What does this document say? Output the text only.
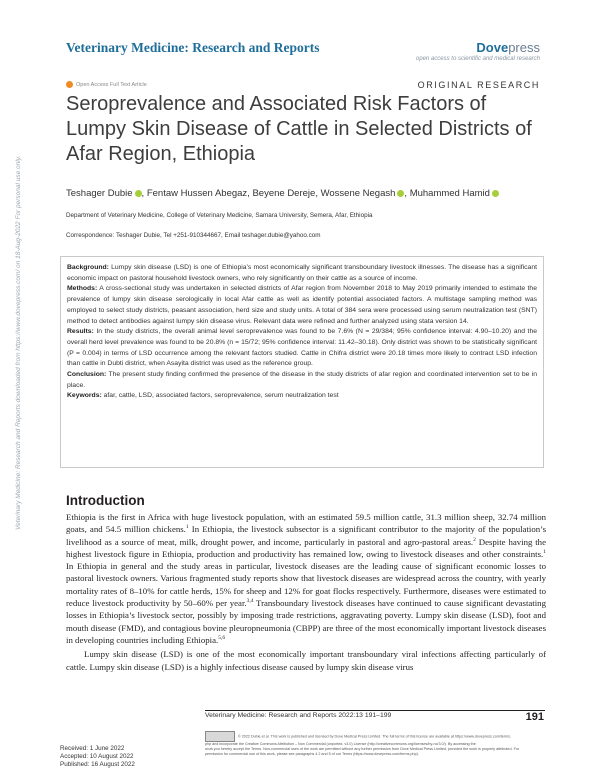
Veterinary Medicine: Research and Reports	Dovepress
open access to scientific and medical research
Open Access Full Text Article	ORIGINAL RESEARCH
Seroprevalence and Associated Risk Factors of Lumpy Skin Disease of Cattle in Selected Districts of Afar Region, Ethiopia
Teshager Dubie , Fentaw Hussen Abegaz, Beyene Dereje, Wossene Negash , Muhammed Hamid
Department of Veterinary Medicine, College of Veterinary Medicine, Samara University, Semera, Afar, Ethiopia
Correspondence: Teshager Dubie, Tel +251-910344667, Email teshager.dubie@yahoo.com

Background: Lumpy skin disease (LSD) is one of Ethiopia’s most economically significant transboundary livestock illnesses. The disease has a significant economic impact on pastoral household livestock owners, who rely significantly on their cattle as a source of income.

Methods: A cross-sectional study was undertaken in selected districts of Afar region from November 2018 to May 2019 primarily intended to estimate the prevalence of lumpy skin disease serologically in local Afar cattle as well as identify potential associated factors. A multistage sampling method was employed to select study districts, peasant association, herd size and study units. A total of 384 sera were processed using serum neutralization test (SNT) method to detect antibodies against lumpy skin disease virus. Relevant data were refined and further analyzed using stata version 14.

Results: In the study districts, the overall animal level seroprevalence was found to be 7.6% (N = 29/384; 95% confidence interval: 4.90–10.20) and the overall herd level prevalence was found to be 20.8% (n = 15/72; 95% confidence interval: 11.42–30.18). Only district was shown to be statistically significant (P = 0.004) in terms of LSD occurrence among the relevant factors studied. Cattle in Chifra district were 20.18 times more likely to contract LSD infection than cattle in Dubti district, when Asayita district was used as the reference group.

Conclusion: The present study finding confirmed the presence of the disease in the study districts of afar region and coordinated intervention set to be in place.

Keywords: afar, cattle, LSD, associated factors, seroprevalence, serum neutralization test

Introduction

Ethiopia is the first in Africa with huge livestock population, with an estimated 59.5 million cattle, 31.3 million sheep, 32.74 million goats, and 54.5 million chickens.$^1$ In Ethiopia, the livestock subsector is a significant contributor to the majority of the population’s livelihood as a source of meat, milk, drought power, and income, particularly in pastoral and agro-pastoral areas.$^2$ Despite having the highest livestock figure in Ethiopia, production and productivity has remained low, owing to livestock diseases and other constraints.$^1$ In Ethiopia in general and the study areas in particular, livestock diseases are the leading cause of significant economic losses to pastoral livestock owners. Various fragmented study reports show that livestock diseases are widespread across the country, with yearly mortality rates of 8–10% for cattle herds, 15% for sheep and 12% for goat flocks respectively. Furthermore, diseases were estimated to reduce livestock productivity by 50–60% per year.$^{3,4}$ Transboundary livestock diseases have continued to cause significant devastating losses in Ethiopia’s livestock sector, possibly by imposing trade restrictions, aggravating poverty. Lumpy skin disease (LSD), foot and mouth disease (FMD), and contagious bovine pleuropneumonia (CBPP) are three of the most economically important livestock diseases in developing countries including Ethiopia.$^{5,6}$

Lumpy skin disease (LSD) is one of the most economically important transboundary viral infections affecting particularly of cattle. Lumpy skin disease (LSD) is a highly infectious disease caused by lumpy skin disease virus

Veterinary Medicine: Research and Reports downloaded from https://www.dovepress.com/ on 18-Aug-2022 For personal use only.
Veterinary Medicine: Research and Reports 2022:13 191–199	191
© 2022 Dubie et al. This work is published and licensed by Dove Medical Press Limited. The full terms of this license are available at https://www.dovepress.com/terms.
php and incorporate the Creative Commons Attribution – Non Commercial (unported, v3.0) License (http://creativecommons.org/licenses/by-nc/3.0/). By accessing the
work you hereby accept the Terms. Non-commercial uses of the work are permitted without any further permission from Dove Medical Press Limited, provided the work is properly attributed. For
permission for commercial use of this work, please see paragraphs 4.2 and 5 of our Terms (https://www.dovepress.com/terms.php).
Received: 1 June 2022
Accepted: 10 August 2022
Published: 16 August 2022
